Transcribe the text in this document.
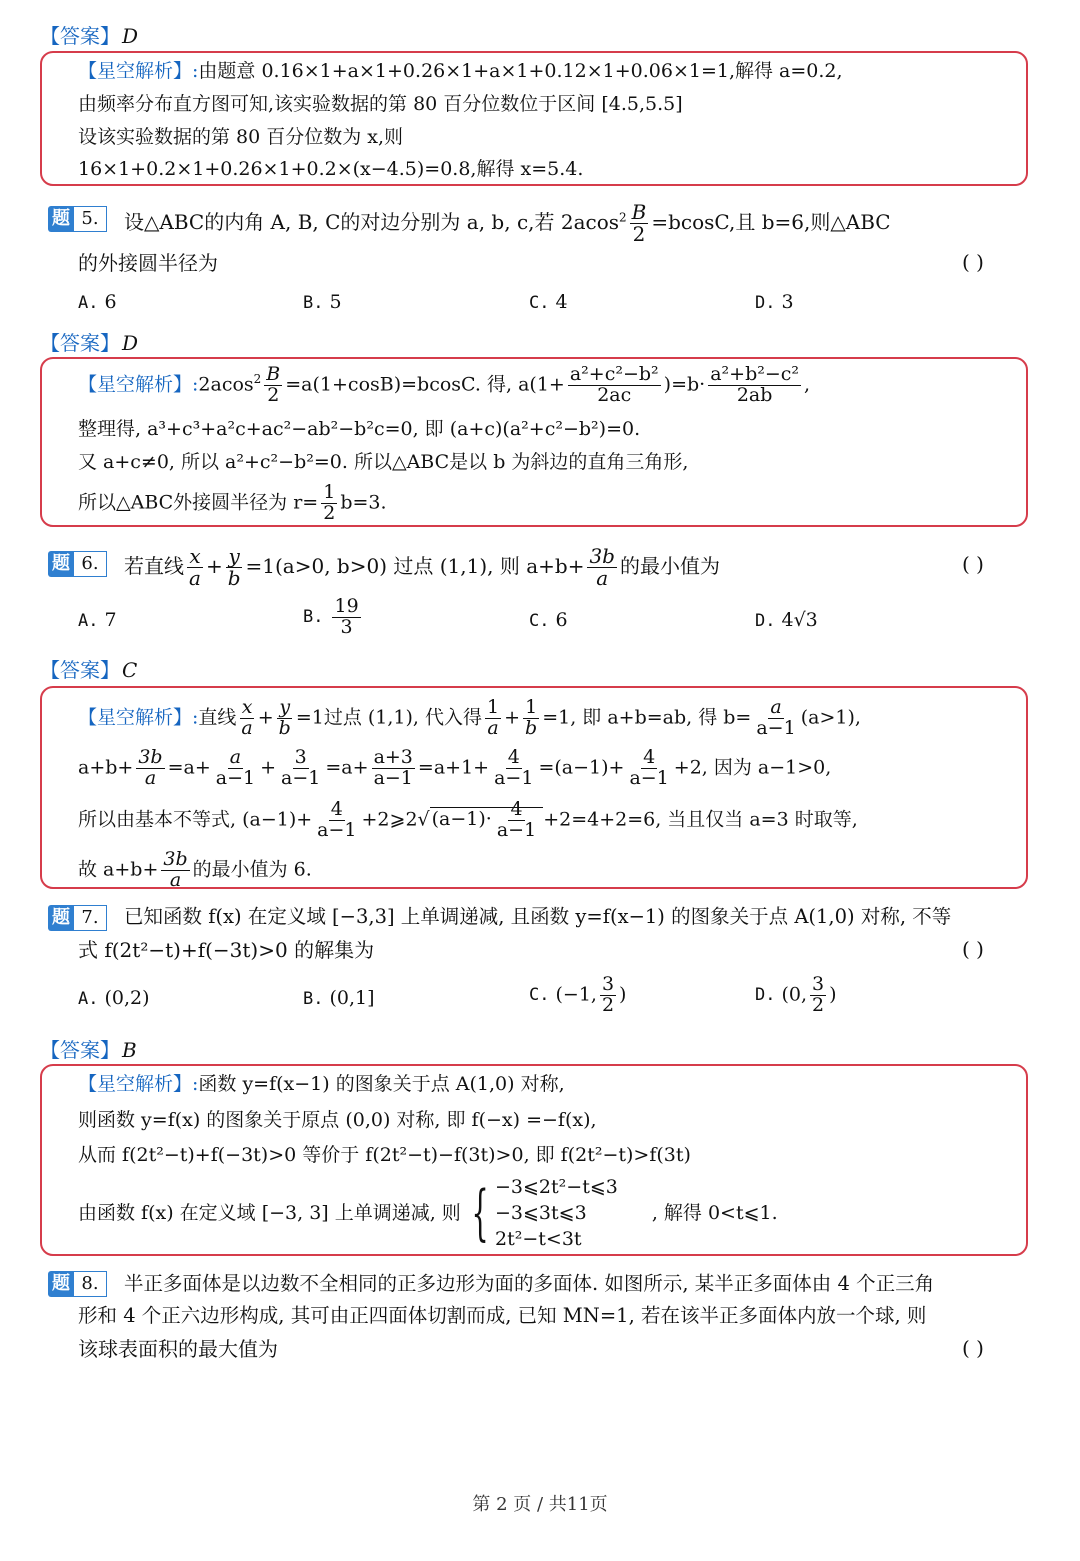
【答案】 D
【星空解析】:由题意 0.16×1+a×1+0.26×1+a×1+0.12×1+0.06×1=1,解得 a=0.2,
由频率分布直方图可知,该实验数据的第 80 百分位数位于区间 [4.5,5.5]
设该实验数据的第 80 百分位数为 x,则
16×1+0.2×1+0.26×1+0.2×(x−4.5)=0.8,解得 x=5.4.
题 5.	设△ABC的内角 A, B, C的对边分别为 a, b, c,若 $2acos^2 \frac{B}{2} =bcosC$,且 b=6,则△ABC
的外接圆半径为	( )
A. 6	B. 5	C. 4	D. 3
【答案】 D
【星空解析】:2acos$^2$ $\frac{B}{2} =a(1+\cos B)=bcosC$. 得, $a(1+ \frac{\text{a²+c²−b²}}{2ac} )=b\cdot \frac{\text{a²+b²−c²}}{2ab}$ ,
整理得, a³+c³+a²c+ac²−ab²−b²c=0, 即 (a+c)(a²+c²−b²)=0.
又 a+c≠0, 所以 a²+c²−b²=0. 所以△ABC是以 b 为斜边的直角三角形,
所以△ABC外接圆半径为 $r= \frac{1}{2} b=3$.
题 6.	若直线 $\frac{x}{a} + \frac{y}{b} =1(a>0$, b>0) 过点 (1,1), 则 $a+b+ \frac{3b}{a}$ 的最小值为	( )
A. 7	B. $\frac{19}{3}$	C. 6	D. 4√3
【答案】 C
【星空解析】:直线 $\frac{x}{a} + \frac{y}{b} =1$过点 (1,1), 代入得 $\frac{1}{a} + \frac{1}{b} =1$, 即 a+b=ab, 得 $b= \frac{a}{a-1} (a>1)$,
$a+b+ \frac{3b}{a} =a+ \frac{a}{a-1} + \frac{3}{a-1} =a+ \frac{a+3}{a-1} =a+1+ \frac{4}{a-1} =(a-1)+ \frac{4}{a-1} +2$, 因为 a−1>0,
所以由基本不等式, $(a-1)+ \frac{4}{a-1}$ +2⩾2√ $(a-1)\cdot \frac{4}{a-1} +2=4+2=6$, 当且仅当 a=3 时取等,
故 $a+b+ \frac{3b}{a}$ 的最小值为 6.
题 7.	已知函数 f(x) 在定义域 [−3,3] 上单调递减, 且函数 y=f(x−1) 的图象关于点 A(1,0) 对称, 不等
式 f(2t²−t)+f(−3t)>0 的解集为	( )
A. (0,2)	B. (0,1]	C. (−1, $\frac{3}{2}$ )	D. (0, $\frac{3}{2}$ )
【答案】 B
【星空解析】:函数 y=f(x−1) 的图象关于点 A(1,0) 对称,
则函数 y=f(x) 的图象关于原点 (0,0) 对称, 即 f(−x) =−f(x),
从而 f(2t²−t)+f(−3t)>0 等价于 f(2t²−t)−f(3t)>0, 即 f(2t²−t)>f(3t)
由函数 f(x) 在定义域 [−3, 3] 上单调递减, 则 { −3⩽2t²−t⩽3
−3⩽3t⩽3
2t²−t<3t
, 解得 0<t⩽1.
题 8.	半正多面体是以边数不全相同的正多边形为面的多面体. 如图所示, 某半正多面体由 4 个正三角
形和 4 个正六边形构成, 其可由正四面体切割而成, 已知 MN=1, 若在该半正多面体内放一个球, 则
该球表面积的最大值为	( )
第 2 页 / 共11页
